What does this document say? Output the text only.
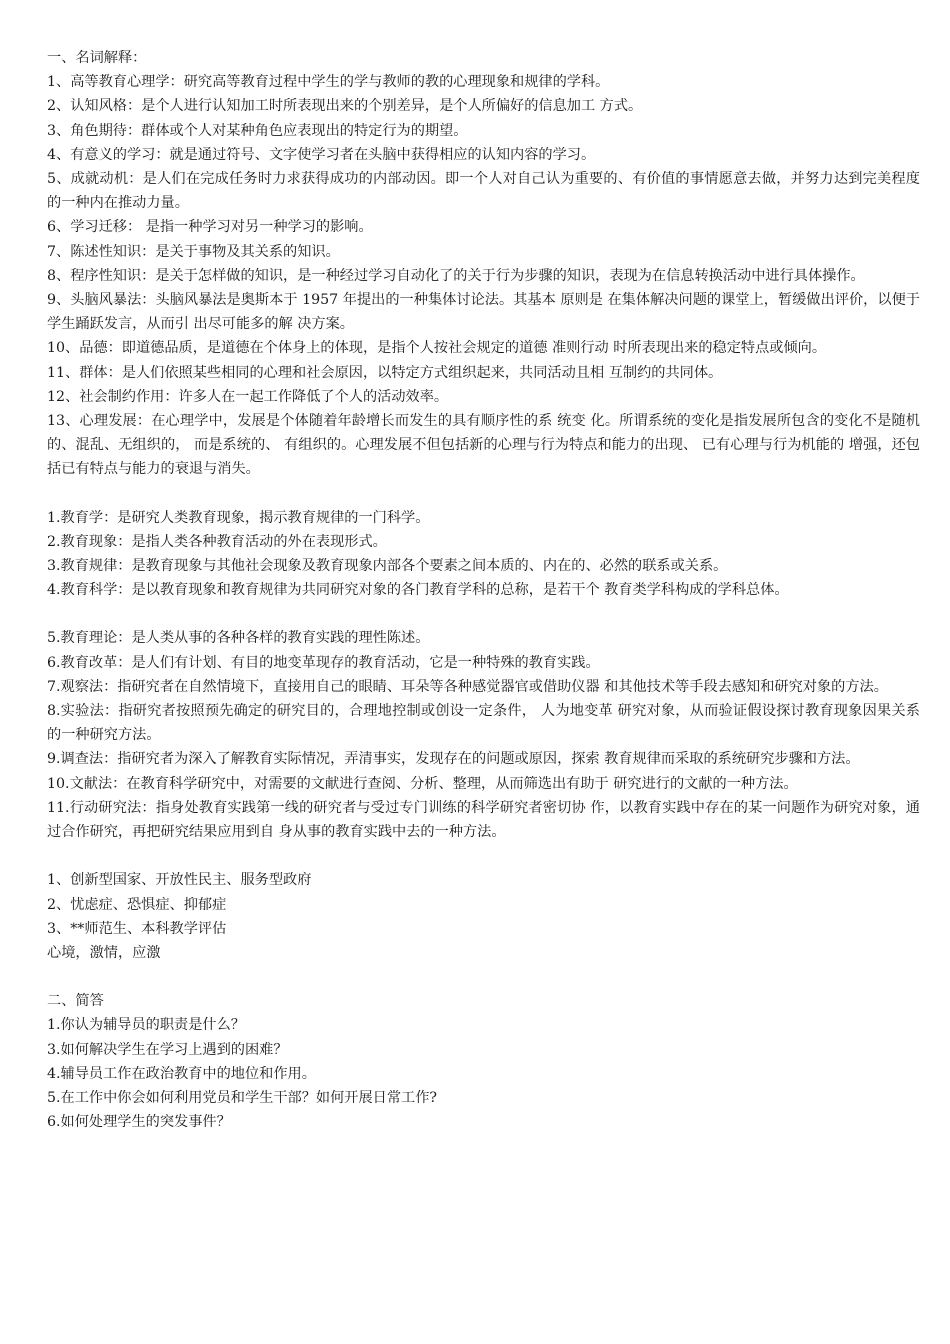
一、名词解释：

1、高等教育心理学：研究高等教育过程中学生的学与教师的教的心理现象和规律的学科。

2、认知风格：是个人进行认知加工时所表现出来的个别差异，是个人所偏好的信息加工 方式。

3、角色期待：群体或个人对某种角色应表现出的特定行为的期望。

4、有意义的学习：就是通过符号、文字使学习者在头脑中获得相应的认知内容的学习。

5、成就动机：是人们在完成任务时力求获得成功的内部动因。即一个人对自己认为重要的、有价值的事情愿意去做，并努力达到完美程度的一种内在推动力量。

6、学习迁移： 是指一种学习对另一种学习的影响。

7、陈述性知识：是关于事物及其关系的知识。

8、程序性知识：是关于怎样做的知识，是一种经过学习自动化了的关于行为步骤的知识，表现为在信息转换活动中进行具体操作。

9、头脑风暴法：头脑风暴法是奥斯本于 1957 年提出的一种集体讨论法。其基本 原则是 在集体解决问题的课堂上，暂缓做出评价，以便于学生踊跃发言，从而引 出尽可能多的解 决方案。

10、品德：即道德品质，是道德在个体身上的体现，是指个人按社会规定的道德 准则行动 时所表现出来的稳定特点或倾向。

11、群体：是人们依照某些相同的心理和社会原因，以特定方式组织起来，共同活动且相 互制约的共同体。

12、社会制约作用：许多人在一起工作降低了个人的活动效率。

13、心理发展：在心理学中，发展是个体随着年龄增长而发生的具有顺序性的系 统变 化。所谓系统的变化是指发展所包含的变化不是随机的、混乱、无组织的， 而是系统的、 有组织的。心理发展不但包括新的心理与行为特点和能力的出现、 已有心理与行为机能的 增强，还包括已有特点与能力的衰退与消失。

1.教育学：是研究人类教育现象，揭示教育规律的一门科学。

2.教育现象：是指人类各种教育活动的外在表现形式。

3.教育规律：是教育现象与其他社会现象及教育现象内部各个要素之间本质的、内在的、必然的联系或关系。

4.教育科学：是以教育现象和教育规律为共同研究对象的各门教育学科的总称，是若干个 教育类学科构成的学科总体。

5.教育理论：是人类从事的各种各样的教育实践的理性陈述。

6.教育改革：是人们有计划、有目的地变革现存的教育活动，它是一种特殊的教育实践。

7.观察法：指研究者在自然情境下，直接用自己的眼睛、耳朵等各种感觉器官或借助仪器 和其他技术等手段去感知和研究对象的方法。

8.实验法：指研究者按照预先确定的研究目的，合理地控制或创设一定条件， 人为地变革 研究对象，从而验证假设探讨教育现象因果关系的一种研究方法。

9.调查法：指研究者为深入了解教育实际情况，弄清事实，发现存在的问题或原因，探索 教育规律而采取的系统研究步骤和方法。

10.文献法：在教育科学研究中，对需要的文献进行查阅、分析、整理，从而筛选出有助于 研究进行的文献的一种方法。

11.行动研究法：指身处教育实践第一线的研究者与受过专门训练的科学研究者密切协 作，以教育实践中存在的某一问题作为研究对象，通过合作研究，再把研究结果应用到自 身从事的教育实践中去的一种方法。

1、创新型国家、开放性民主、服务型政府

2、忧虑症、恐惧症、抑郁症

3、**师范生、本科教学评估

心境，激情，应激

二、简答

1.你认为辅导员的职责是什么？

3.如何解决学生在学习上遇到的困难？

4.辅导员工作在政治教育中的地位和作用。

5.在工作中你会如何利用党员和学生干部？如何开展日常工作?

6.如何处理学生的突发事件？
